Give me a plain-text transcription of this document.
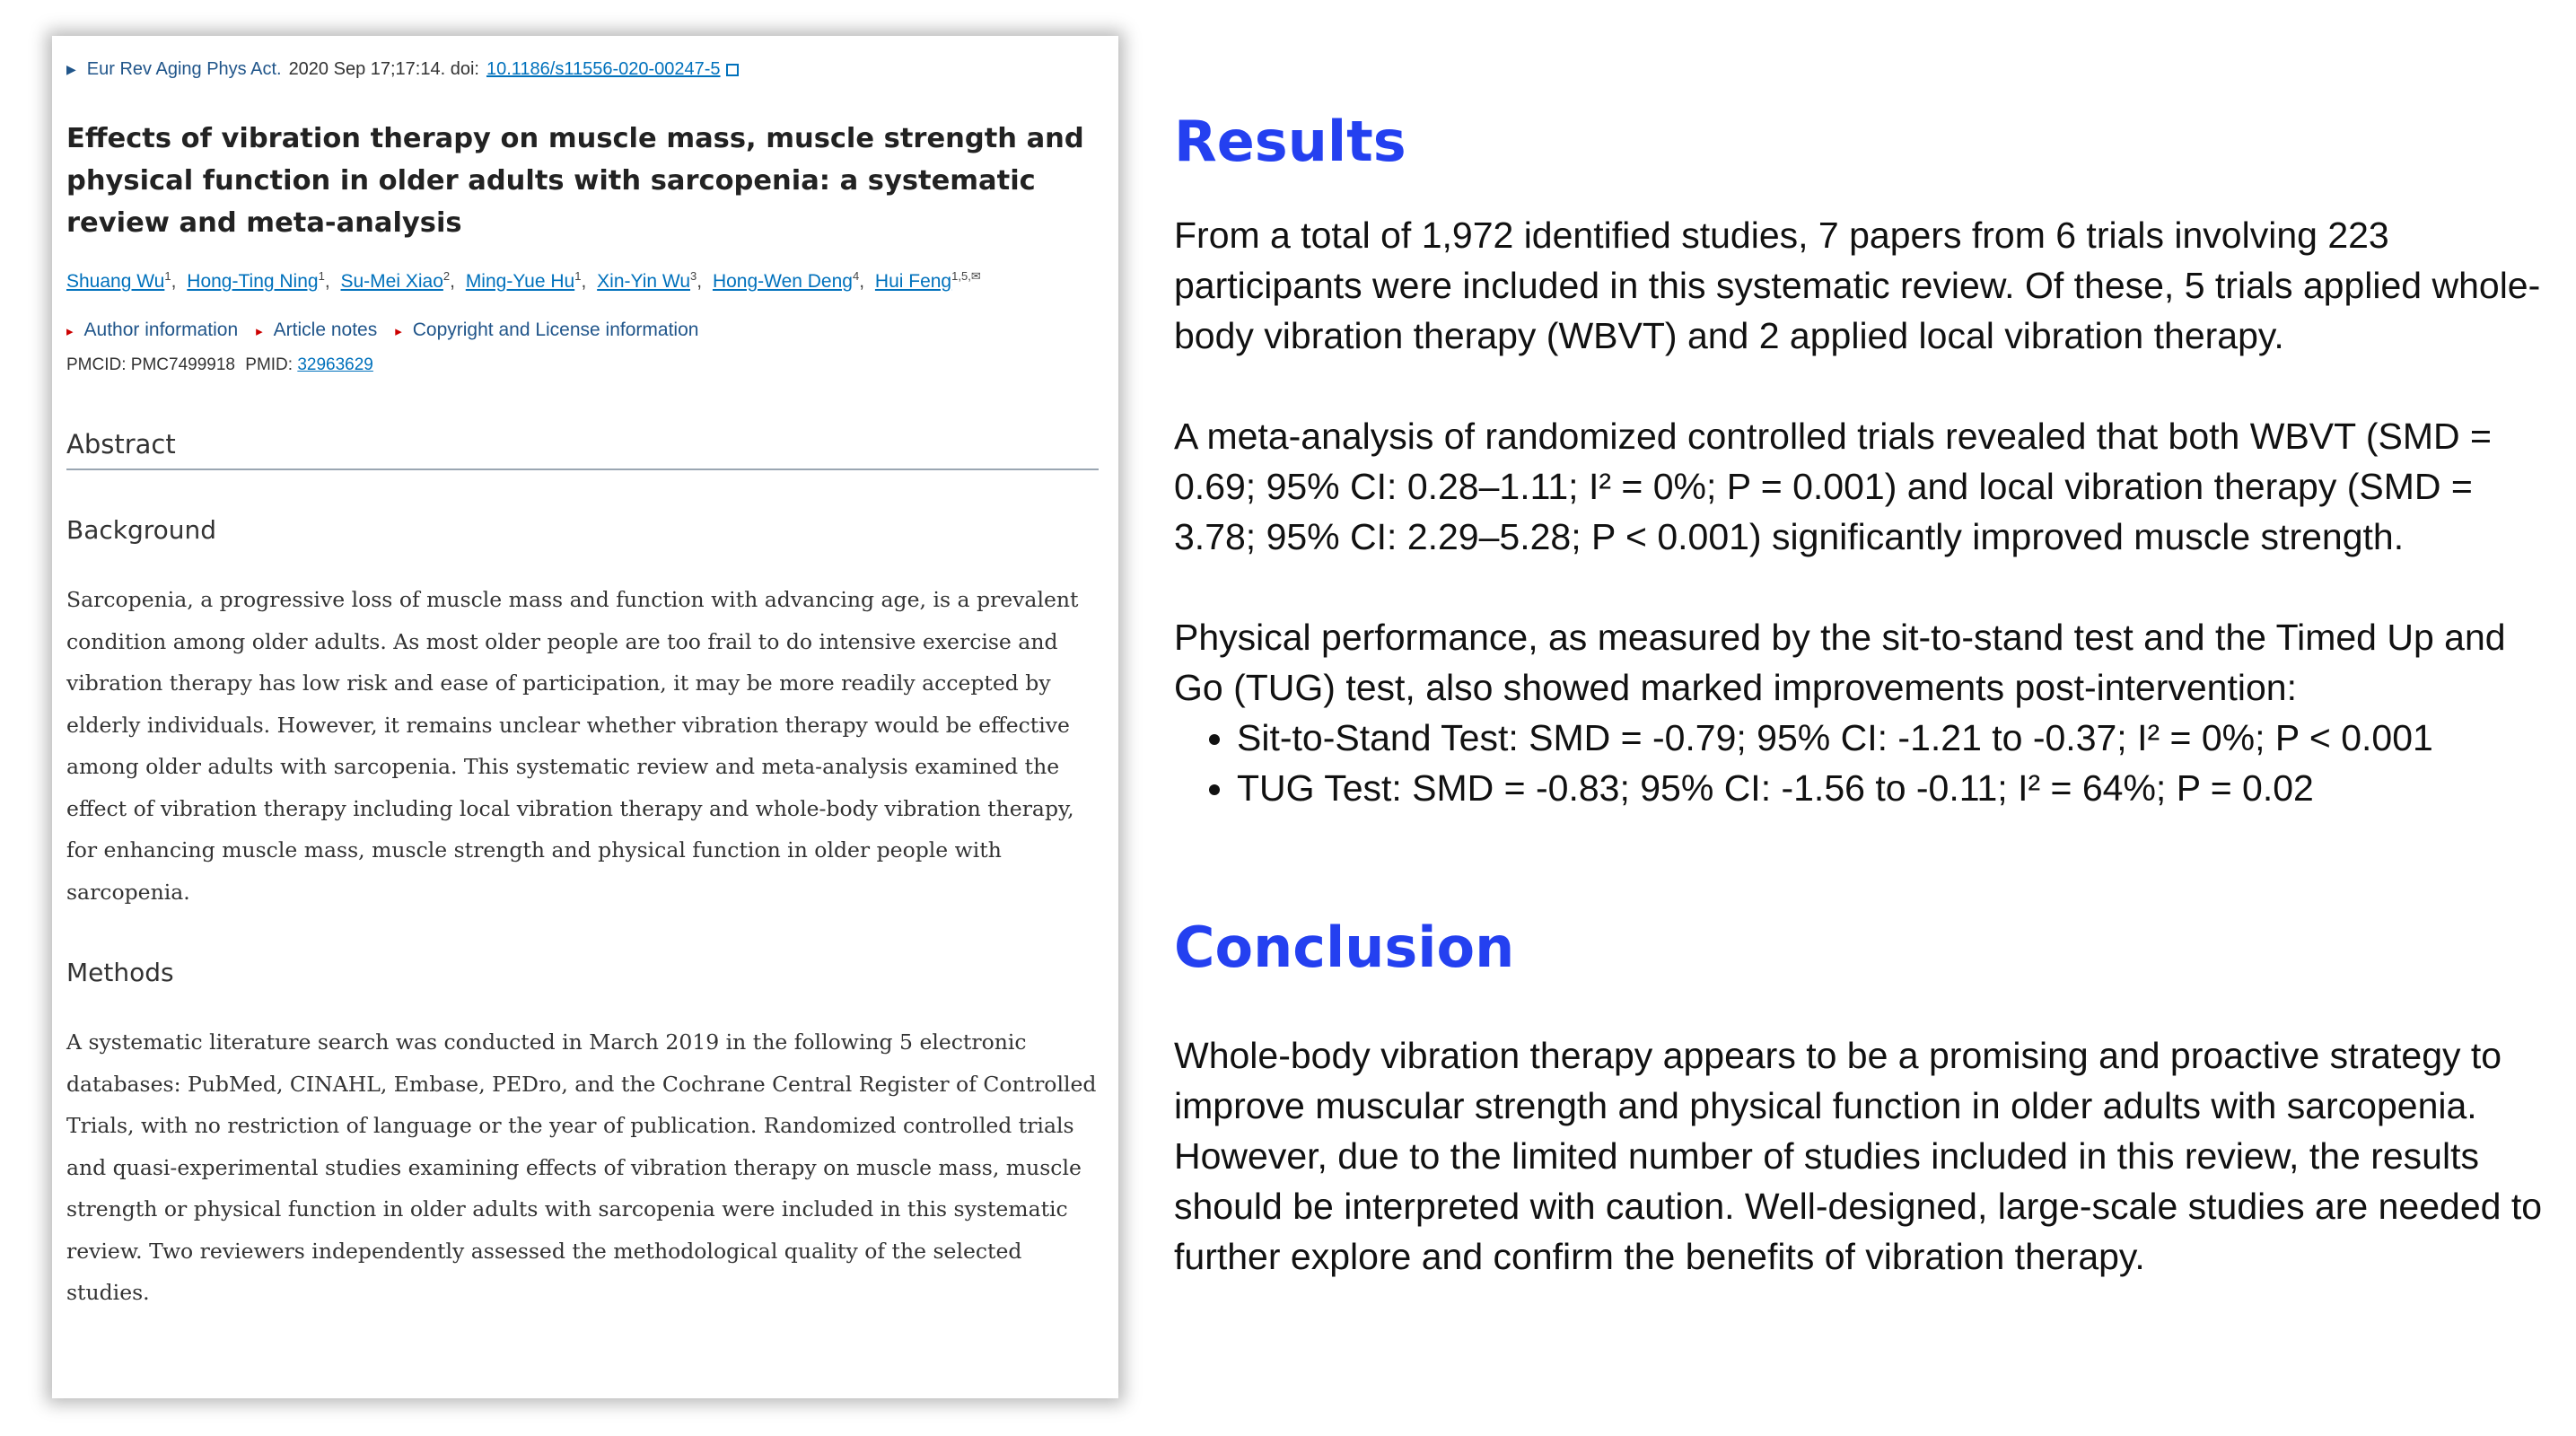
▶ Eur Rev Aging Phys Act. 2020 Sep 17;17:14. doi: 10.1186/s11556-020-00247-5
Effects of vibration therapy on muscle mass, muscle strength and physical function in older adults with sarcopenia: a systematic review and meta-analysis
Shuang Wu$^1$, Hong-Ting Ning$^1$, Su-Mei Xiao$^2$, Ming-Yue Hu$^1$, Xin-Yin Wu$^3$, Hong-Wen Deng$^4$, Hui Feng$^{1,5,✉}$
▸ Author information	▸ Article notes	▸ Copyright and License information
PMCID: PMC7499918 PMID: 32963629
Abstract
Background
Sarcopenia, a progressive loss of muscle mass and function with advancing age, is a prevalent condition among older adults. As most older people are too frail to do intensive exercise and vibration therapy has low risk and ease of participation, it may be more readily accepted by elderly individuals. However, it remains unclear whether vibration therapy would be effective among older adults with sarcopenia. This systematic review and meta-analysis examined the effect of vibration therapy including local vibration therapy and whole-body vibration therapy, for enhancing muscle mass, muscle strength and physical function in older people with sarcopenia.
Methods
A systematic literature search was conducted in March 2019 in the following 5 electronic databases: PubMed, CINAHL, Embase, PEDro, and the Cochrane Central Register of Controlled Trials, with no restriction of language or the year of publication. Randomized controlled trials and quasi-experimental studies examining effects of vibration therapy on muscle mass, muscle strength or physical function in older adults with sarcopenia were included in this systematic review. Two reviewers independently assessed the methodological quality of the selected studies.
Results

From a total of 1,972 identified studies, 7 papers from 6 trials involving 223 participants were included in this systematic review. Of these, 5 trials applied whole-body vibration therapy (WBVT) and 2 applied local vibration therapy.

A meta-analysis of randomized controlled trials revealed that both WBVT (SMD = 0.69; 95% CI: 0.28–1.11; I² = 0%; P = 0.001) and local vibration therapy (SMD = 3.78; 95% CI: 2.29–5.28; P < 0.001) significantly improved muscle strength.

Physical performance, as measured by the sit-to-stand test and the Timed Up and Go (TUG) test, also showed marked improvements post-intervention:

• Sit-to-Stand Test: SMD = -0.79; 95% CI: -1.21 to -0.37; I² = 0%; P < 0.001
• TUG Test: SMD = -0.83; 95% CI: -1.56 to -0.11; I² = 64%; P = 0.02
Conclusion

Whole-body vibration therapy appears to be a promising and proactive strategy to improve muscular strength and physical function in older adults with sarcopenia. However, due to the limited number of studies included in this review, the results should be interpreted with caution. Well-designed, large-scale studies are needed to further explore and confirm the benefits of vibration therapy.
